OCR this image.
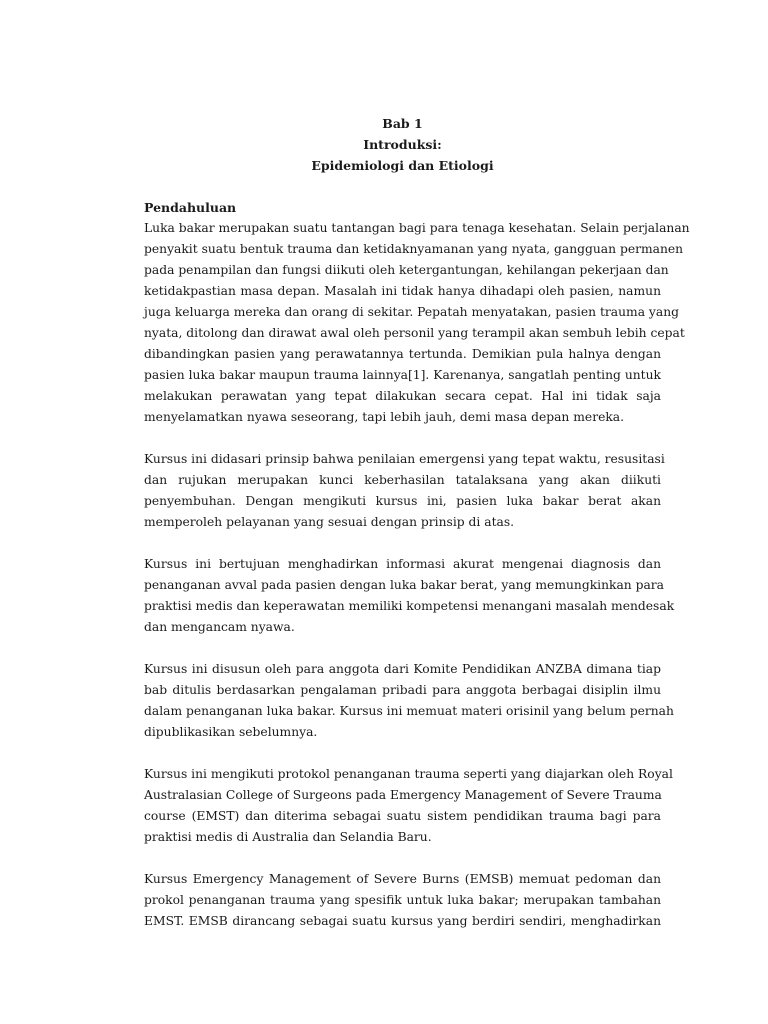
Bab 1
Introduksi:
Epidemiologi dan Etiologi
Pendahuluan
Luka bakar merupakan suatu tantangan bagi para tenaga kesehatan. Selain perjalanan
penyakit suatu bentuk trauma dan ketidaknyamanan yang nyata, gangguan permanen
pada penampilan dan fungsi diikuti oleh ketergantungan, kehilangan pekerjaan dan
ketidakpastian masa depan. Masalah ini tidak hanya dihadapi oleh pasien, namun
juga keluarga mereka dan orang di sekitar. Pepatah menyatakan, pasien trauma yang
nyata, ditolong dan dirawat awal oleh personil yang terampil akan sembuh lebih cepat
dibandingkan pasien yang perawatannya tertunda. Demikian pula halnya dengan
pasien luka bakar maupun trauma lainnya[1]. Karenanya, sangatlah penting untuk
melakukan perawatan yang tepat dilakukan secara cepat. Hal ini tidak saja
menyelamatkan nyawa seseorang, tapi lebih jauh, demi masa depan mereka.
Kursus ini didasari prinsip bahwa penilaian emergensi yang tepat waktu, resusitasi
dan rujukan merupakan kunci keberhasilan tatalaksana yang akan diikuti
penyembuhan. Dengan mengikuti kursus ini, pasien luka bakar berat akan
memperoleh pelayanan yang sesuai dengan prinsip di atas.
Kursus ini bertujuan menghadirkan informasi akurat mengenai diagnosis dan
penanganan avval pada pasien dengan luka bakar berat, yang memungkinkan para
praktisi medis dan keperawatan memiliki kompetensi menangani masalah mendesak
dan mengancam nyawa.
Kursus ini disusun oleh para anggota dari Komite Pendidikan ANZBA dimana tiap
bab ditulis berdasarkan pengalaman pribadi para anggota berbagai disiplin ilmu
dalam penanganan luka bakar. Kursus ini memuat materi orisinil yang belum pernah
dipublikasikan sebelumnya.
Kursus ini mengikuti protokol penanganan trauma seperti yang diajarkan oleh Royal
Australasian College of Surgeons pada Emergency Management of Severe Trauma
course (EMST) dan diterima sebagai suatu sistem pendidikan trauma bagi para
praktisi medis di Australia dan Selandia Baru.
Kursus Emergency Management of Severe Burns (EMSB) memuat pedoman dan
prokol penanganan trauma yang spesifik untuk luka bakar; merupakan tambahan
EMST. EMSB dirancang sebagai suatu kursus yang berdiri sendiri, menghadirkan
